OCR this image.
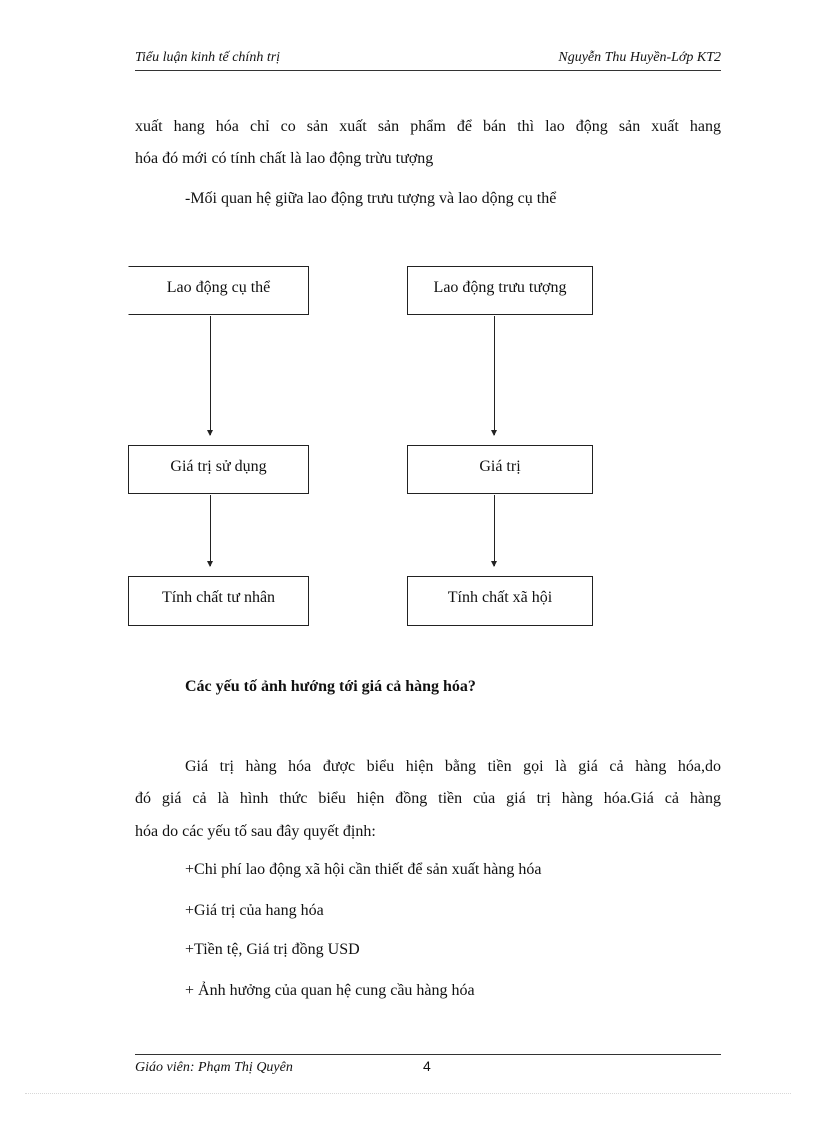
Tiểu luận kinh tế chính trị	Nguyễn Thu Huyền-Lớp KT2
xuất hang hóa chỉ co sản xuất sản phẩm để bán thì lao động sản xuất hang
hóa đó mới có tính chất là lao động trừu tượng
-Mối quan hệ giữa lao động trưu tượng và lao dộng cụ thể
Lao động cụ thể	Lao động trưu tượng
Giá trị sử dụng	Giá trị
Tính chất tư nhân	Tính chất xã hội
Các yếu tố ảnh hướng tới giá cả hàng hóa?
Giá trị hàng hóa được biểu hiện bằng tiền gọi là giá cả hàng hóa,do
đó giá cả là hình thức biểu hiện đồng tiền của giá trị hàng hóa.Giá cả hàng
hóa do các yếu tố sau đây quyết định:
+Chi phí lao động xã hội cần thiết để sản xuất hàng hóa
+Giá trị của hang hóa
+Tiền tệ, Giá trị đồng USD
+ Ảnh hưởng của quan hệ cung cầu hàng hóa
Giáo viên: Phạm Thị Quyên	4
